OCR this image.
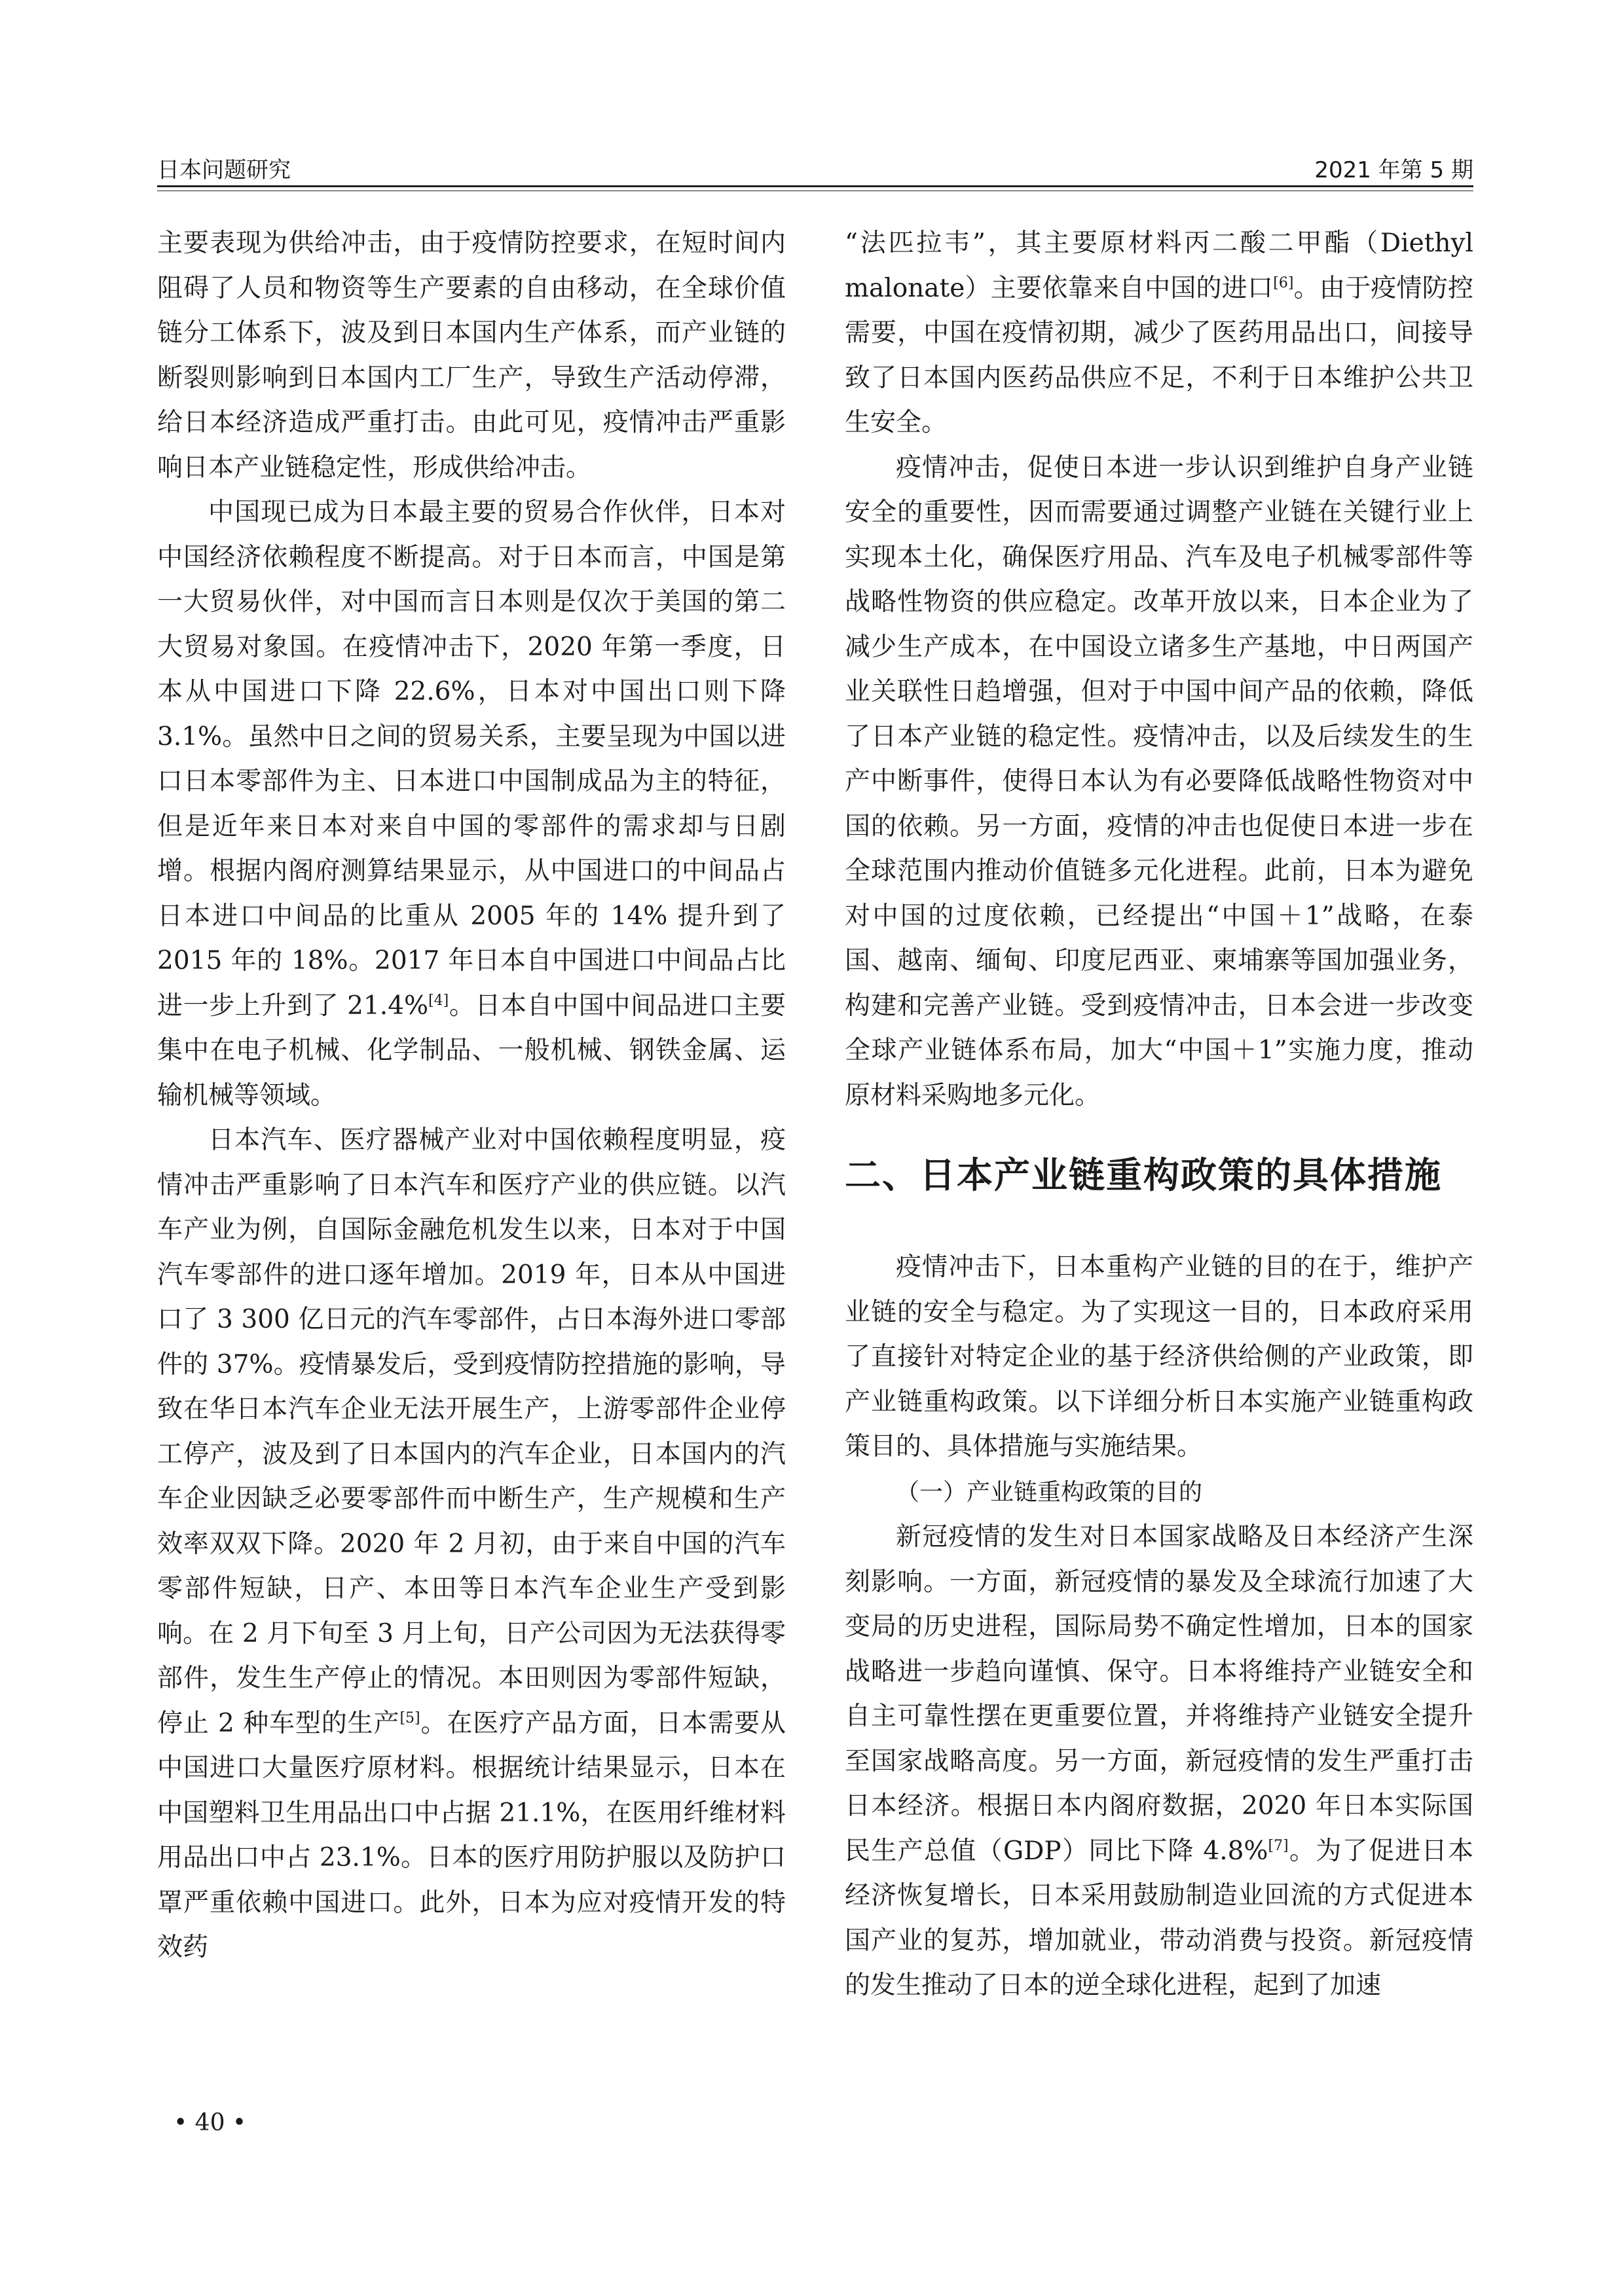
日本问题研究	2021 年第 5 期

主要表现为供给冲击，由于疫情防控要求，在短时间内阻碍了人员和物资等生产要素的自由移动，在全球价值链分工体系下，波及到日本国内生产体系，而产业链的断裂则影响到日本国内工厂生产，导致生产活动停滞，给日本经济造成严重打击。由此可见，疫情冲击严重影响日本产业链稳定性，形成供给冲击。

中国现已成为日本最主要的贸易合作伙伴，日本对中国经济依赖程度不断提高。对于日本而言，中国是第一大贸易伙伴，对中国而言日本则是仅次于美国的第二大贸易对象国。在疫情冲击下，2020 年第一季度，日本从中国进口下降 22.6%，日本对中国出口则下降 3.1%。虽然中日之间的贸易关系，主要呈现为中国以进口日本零部件为主、日本进口中国制成品为主的特征，但是近年来日本对来自中国的零部件的需求却与日剧增。根据内阁府测算结果显示，从中国进口的中间品占日本进口中间品的比重从 2005 年的 14% 提升到了 2015 年的 18%。2017 年日本自中国进口中间品占比进一步上升到了 21.4%[4]。日本自中国中间品进口主要集中在电子机械、化学制品、一般机械、钢铁金属、运输机械等领域。

日本汽车、医疗器械产业对中国依赖程度明显，疫情冲击严重影响了日本汽车和医疗产业的供应链。以汽车产业为例，自国际金融危机发生以来，日本对于中国汽车零部件的进口逐年增加。2019 年，日本从中国进口了 3 300 亿日元的汽车零部件，占日本海外进口零部件的 37%。疫情暴发后，受到疫情防控措施的影响，导致在华日本汽车企业无法开展生产，上游零部件企业停工停产，波及到了日本国内的汽车企业，日本国内的汽车企业因缺乏必要零部件而中断生产，生产规模和生产效率双双下降。2020 年 2 月初，由于来自中国的汽车零部件短缺，日产、本田等日本汽车企业生产受到影响。在 2 月下旬至 3 月上旬，日产公司因为无法获得零部件，发生生产停止的情况。本田则因为零部件短缺，停止 2 种车型的生产[5]。在医疗产品方面，日本需要从中国进口大量医疗原材料。根据统计结果显示，日本在中国塑料卫生用品出口中占据 21.1%，在医用纤维材料用品出口中占 23.1%。日本的医疗用防护服以及防护口罩严重依赖中国进口。此外，日本为应对疫情开发的特效药

“法匹拉韦”，其主要原材料丙二酸二甲酯（Diethyl malonate）主要依靠来自中国的进口[6]。由于疫情防控需要，中国在疫情初期，减少了医药用品出口，间接导致了日本国内医药品供应不足，不利于日本维护公共卫生安全。

疫情冲击，促使日本进一步认识到维护自身产业链安全的重要性，因而需要通过调整产业链在关键行业上实现本土化，确保医疗用品、汽车及电子机械零部件等战略性物资的供应稳定。改革开放以来，日本企业为了减少生产成本，在中国设立诸多生产基地，中日两国产业关联性日趋增强，但对于中国中间产品的依赖，降低了日本产业链的稳定性。疫情冲击，以及后续发生的生产中断事件，使得日本认为有必要降低战略性物资对中国的依赖。另一方面，疫情的冲击也促使日本进一步在全球范围内推动价值链多元化进程。此前，日本为避免对中国的过度依赖，已经提出“中国＋1”战略，在泰国、越南、缅甸、印度尼西亚、柬埔寨等国加强业务，构建和完善产业链。受到疫情冲击，日本会进一步改变全球产业链体系布局，加大“中国＋1”实施力度，推动原材料采购地多元化。

二、日本产业链重构政策的具体措施

疫情冲击下，日本重构产业链的目的在于，维护产业链的安全与稳定。为了实现这一目的，日本政府采用了直接针对特定企业的基于经济供给侧的产业政策，即产业链重构政策。以下详细分析日本实施产业链重构政策目的、具体措施与实施结果。

（一）产业链重构政策的目的

新冠疫情的发生对日本国家战略及日本经济产生深刻影响。一方面，新冠疫情的暴发及全球流行加速了大变局的历史进程，国际局势不确定性增加，日本的国家战略进一步趋向谨慎、保守。日本将维持产业链安全和自主可靠性摆在更重要位置，并将维持产业链安全提升至国家战略高度。另一方面，新冠疫情的发生严重打击日本经济。根据日本内阁府数据，2020 年日本实际国民生产总值（GDP）同比下降 4.8%[7]。为了促进日本经济恢复增长，日本采用鼓励制造业回流的方式促进本国产业的复苏，增加就业，带动消费与投资。新冠疫情的发生推动了日本的逆全球化进程，起到了加速

• 40 •
